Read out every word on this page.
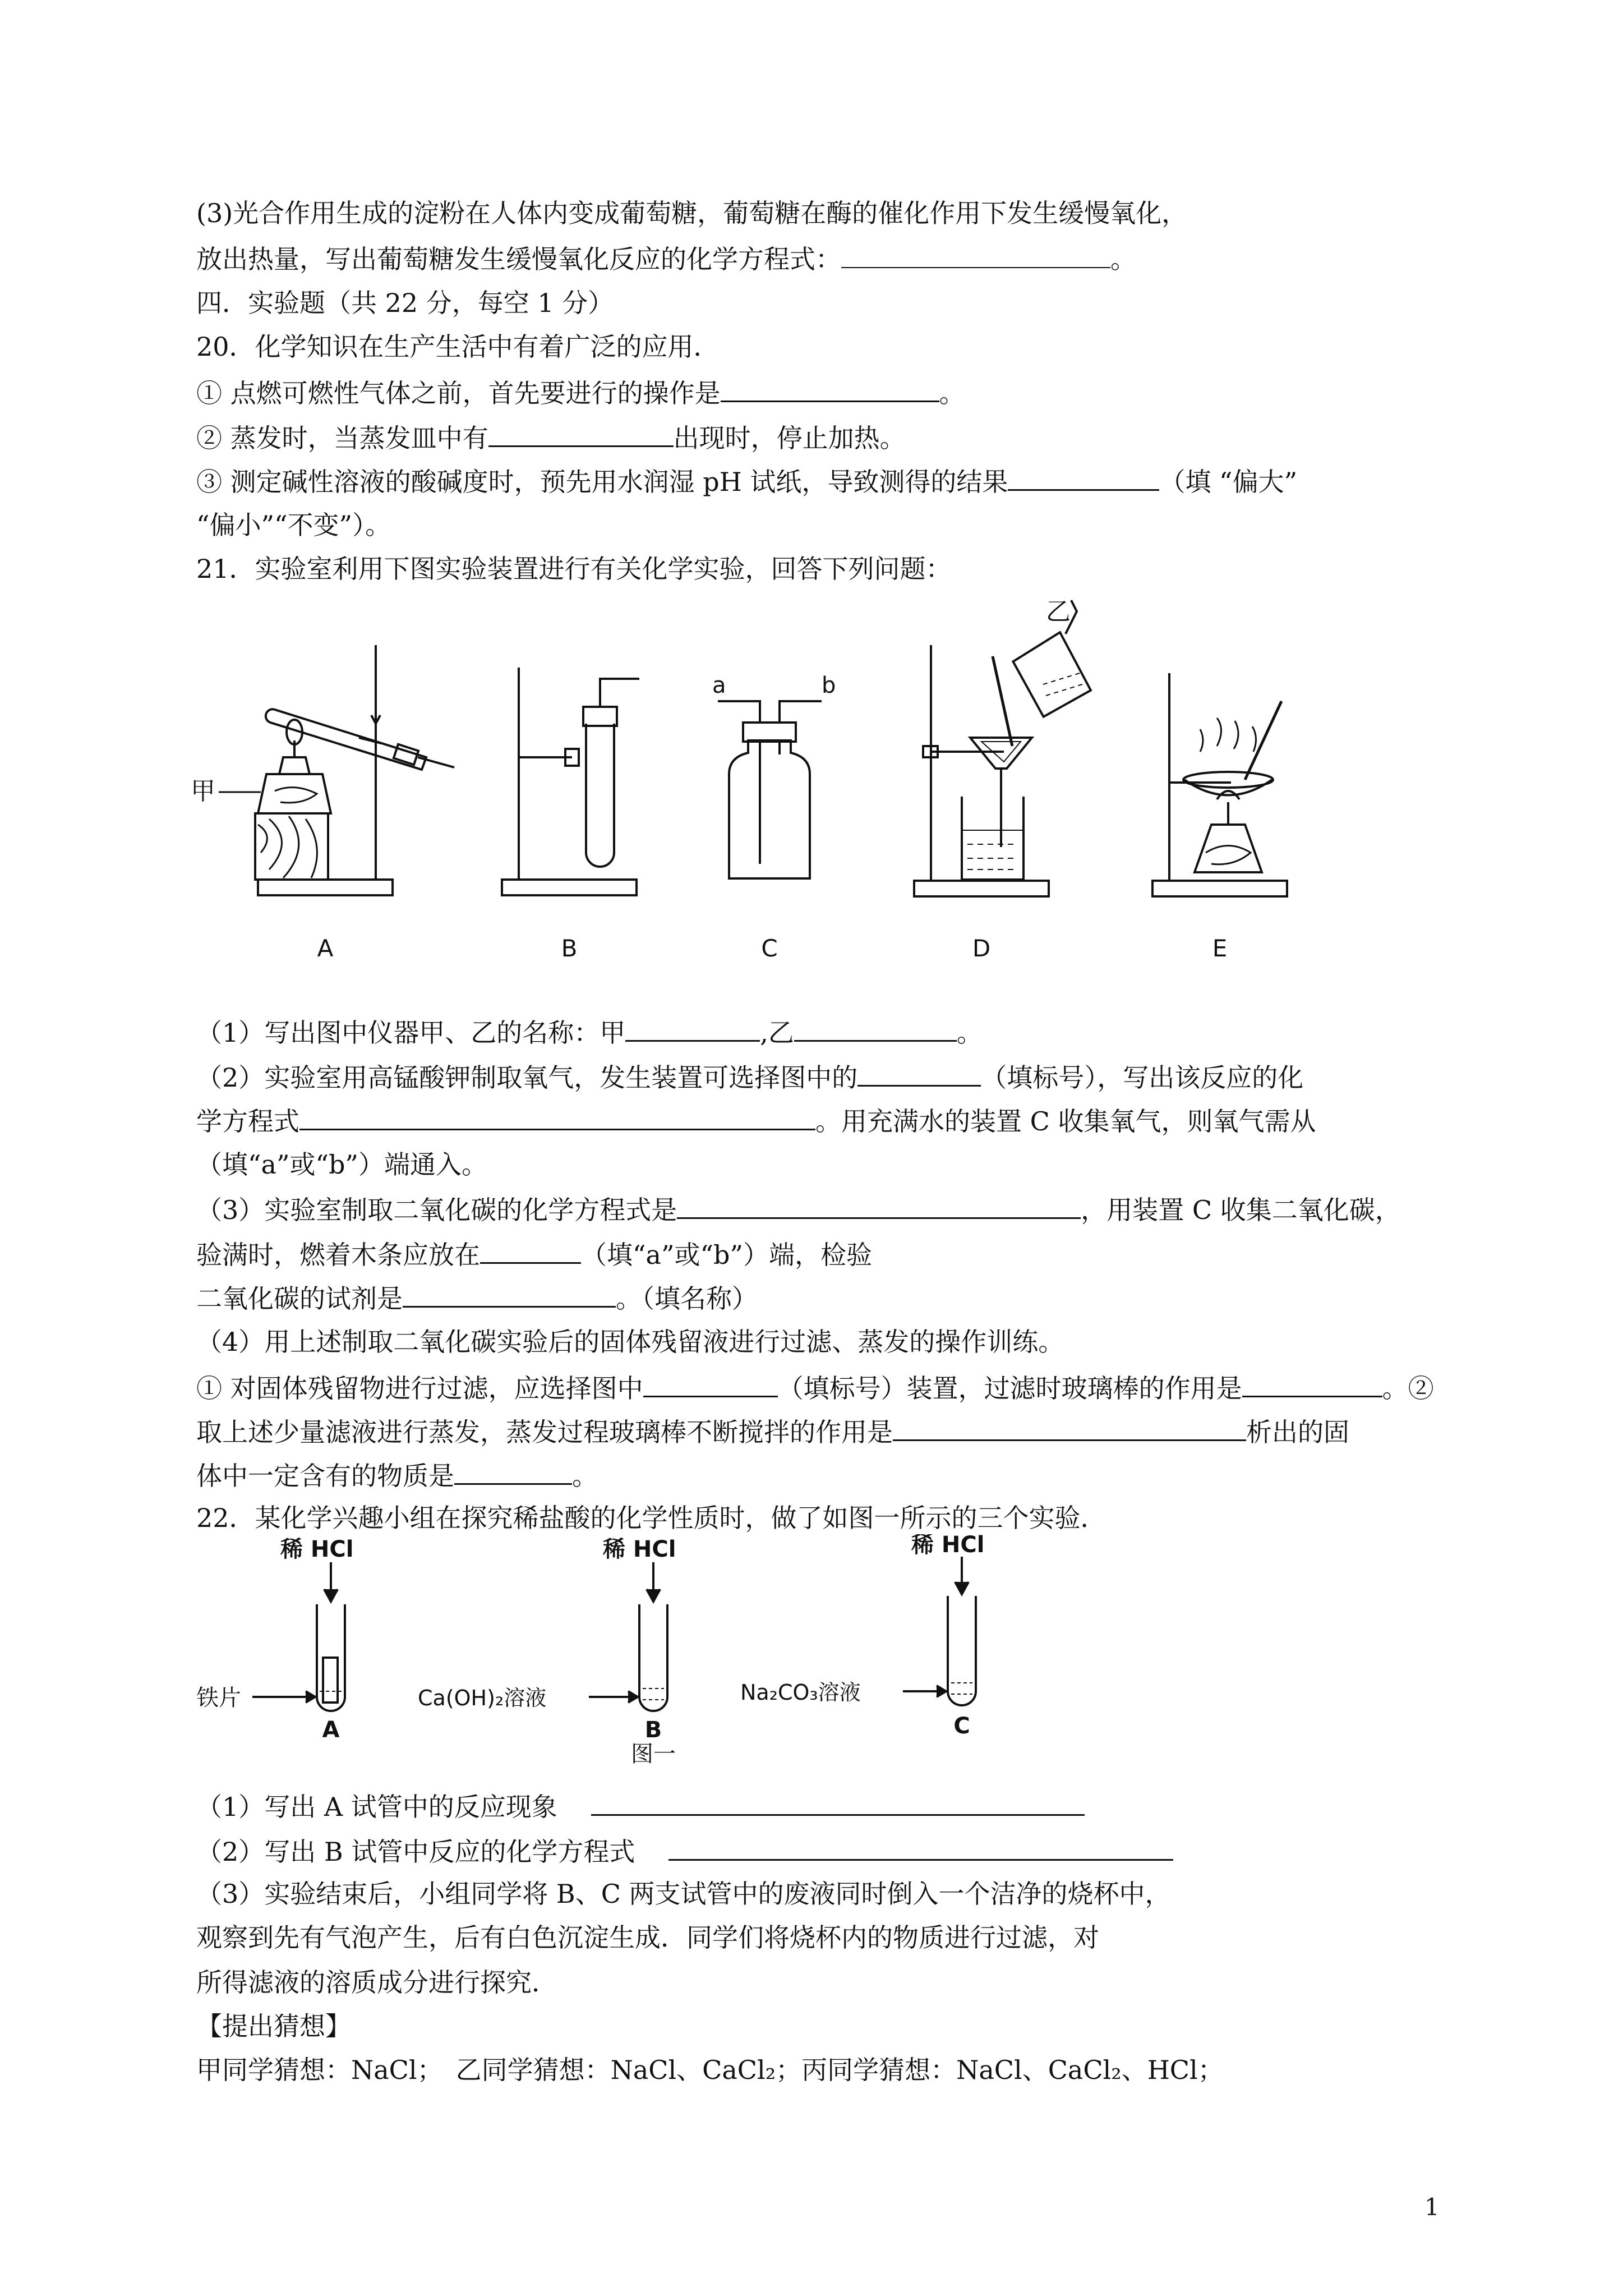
(3)光合作用生成的淀粉在人体内变成葡萄糖，葡萄糖在酶的催化作用下发生缓慢氧化，
放出热量，写出葡萄糖发生缓慢氧化反应的化学方程式：	。
四．实验题（共 22 分，每空 1 分）
20．化学知识在生产生活中有着广泛的应用．
① 点燃可燃性气体之前，首先要进行的操作是	。
② 蒸发时，当蒸发皿中有	出现时，停止加热。
③ 测定碱性溶液的酸碱度时，预先用水润湿 pH 试纸，导致测得的结果	（填 “偏大”
“偏小”“不变”）。
21．实验室利用下图实验装置进行有关化学实验，回答下列问题：
甲
乙
a	b
A	B	C	D	E
（1）写出图中仪器甲、乙的名称：甲	,乙	。
（2）实验室用高锰酸钾制取氧气，发生装置可选择图中的	（填标号），写出该反应的化
学方程式	。用充满水的装置 C 收集氧气，则氧气需从
（填“a”或“b”）端通入。
（3）实验室制取二氧化碳的化学方程式是	，用装置 C 收集二氧化碳，
验满时，燃着木条应放在	（填“a”或“b”）端，检验
二氧化碳的试剂是	。（填名称）
（4）用上述制取二氧化碳实验后的固体残留液进行过滤、蒸发的操作训练。
① 对固体残留物进行过滤，应选择图中	（填标号）装置，过滤时玻璃棒的作用是	。②
取上述少量滤液进行蒸发，蒸发过程玻璃棒不断搅拌的作用是	析出的固
体中一定含有的物质是	。
22．某化学兴趣小组在探究稀盐酸的化学性质时，做了如图一所示的三个实验．
稀 HCl	稀 HCl	稀 HCl
铁片	Ca(OH)₂溶液	Na₂CO₃溶液
A	B	C
图一
（1）写出 A 试管中的反应现象
（2）写出 B 试管中反应的化学方程式
（3）实验结束后，小组同学将 B、C 两支试管中的废液同时倒入一个洁净的烧杯中，
观察到先有气泡产生，后有白色沉淀生成．同学们将烧杯内的物质进行过滤，对
所得滤液的溶质成分进行探究．
【提出猜想】
甲同学猜想：NaCl；　乙同学猜想：NaCl、CaCl₂；丙同学猜想：NaCl、CaCl₂、HCl；
1
